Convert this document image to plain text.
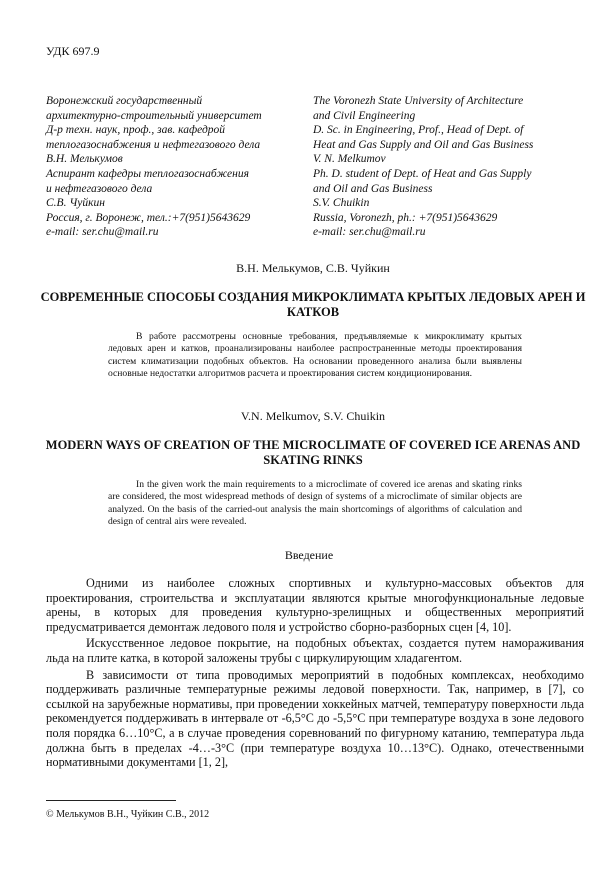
УДК 697.9
Воронежский государственный
архитектурно-строительный университет
Д-р техн. наук, проф., зав. кафедрой
теплогазоснабжения и нефтегазового дела
В.Н. Мелькумов
Аспирант кафедры теплогазоснабжения
и нефтегазового дела
С.В. Чуйкин
Россия, г. Воронеж, тел.:+7(951)5643629
e-mail: ser.chu@mail.ru
The Voronezh State University of Architecture
and Civil Engineering
D. Sc. in Engineering, Prof., Head of Dept. of
Heat and Gas Supply and Oil and Gas Business
V. N. Melkumov
Ph. D. student of Dept. of Heat and Gas Supply
and Oil and Gas Business
S.V. Chuikin
Russia, Voronezh, ph.: +7(951)5643629
e-mail: ser.chu@mail.ru
В.Н. Мелькумов, С.В. Чуйкин
СОВРЕМЕННЫЕ СПОСОБЫ СОЗДАНИЯ МИКРОКЛИМАТА КРЫТЫХ ЛЕДОВЫХ АРЕН И КАТКОВ
В работе рассмотрены основные требования, предъявляемые к микроклимату крытых ледовых арен и катков, проанализированы наиболее распространенные методы проектирования систем климатизации подобных объектов. На основании проведенного анализа были выявлены основные недостатки алгоритмов расчета и проектирования систем кондиционирования.
V.N. Melkumov, S.V. Chuikin
MODERN WAYS OF CREATION OF THE MICROCLIMATE OF COVERED ICE ARENAS AND SKATING RINKS
In the given work the main requirements to a microclimate of covered ice arenas and skating rinks are considered, the most widespread methods of design of systems of a microclimate of similar objects are analyzed. On the basis of the carried-out analysis the main shortcomings of algorithms of calculation and design of central airs were revealed.
Введение

Одними из наиболее сложных спортивных и культурно-массовых объектов для проектирования, строительства и эксплуатации являются крытые многофункциональные ледовые арены, в которых для проведения культурно-зрелищных и общественных мероприятий предусматривается демонтаж ледового поля и устройство сборно-разборных сцен [4, 10].

Искусственное ледовое покрытие, на подобных объектах, создается путем намораживания льда на плите катка, в которой заложены трубы с циркулирующим хладагентом.

В зависимости от типа проводимых мероприятий в подобных комплексах, необходимо поддерживать различные температурные режимы ледовой поверхности. Так, например, в [7], со ссылкой на зарубежные нормативы, при проведении хоккейных матчей, температуру поверхности льда рекомендуется поддерживать в интервале от -6,5°С до -5,5°С при температуре воздуха в зоне ледового поля порядка 6…10°С, а в случае проведения соревнований по фигурному катанию, температура льда должна быть в пределах -4…-3°С (при температуре воздуха 10…13°С). Однако, отечественными нормативными документами [1, 2],

© Мелькумов В.Н., Чуйкин С.В., 2012
